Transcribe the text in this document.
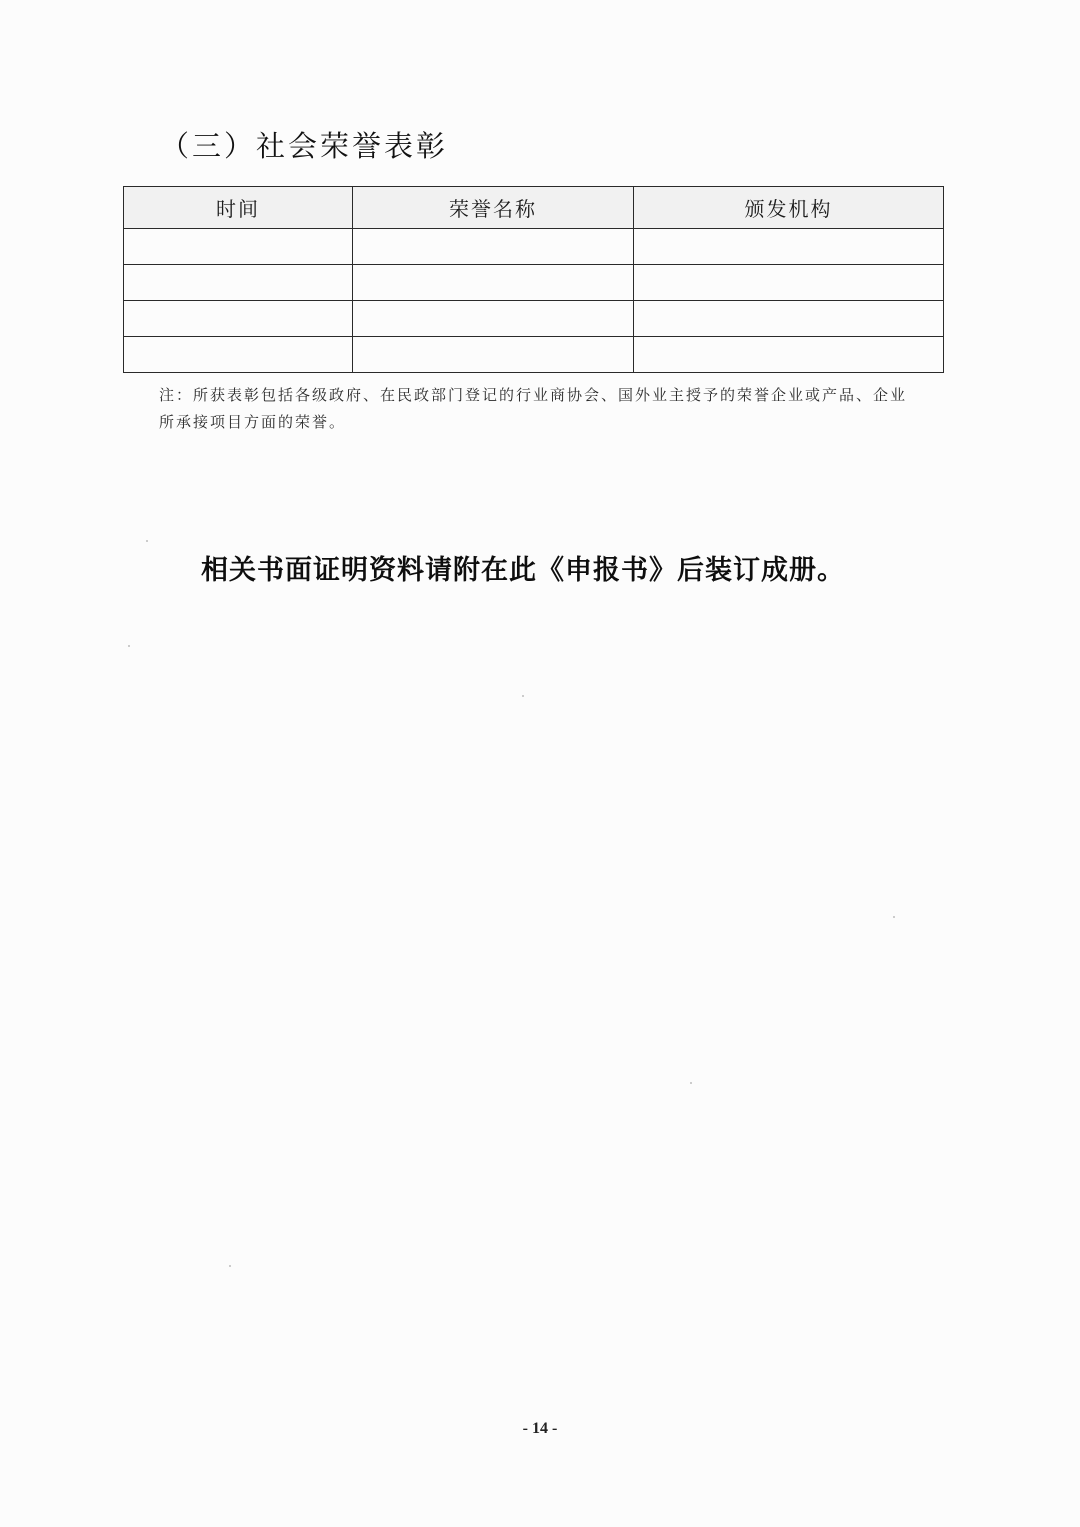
（三）社会荣誉表彰
时间	荣誉名称	颁发机构

注：所获表彰包括各级政府、在民政部门登记的行业商协会、国外业主授予的荣誉企业或产品、企业所承接项目方面的荣誉。

相关书面证明资料请附在此《申报书》后装订成册。

- 14 -
